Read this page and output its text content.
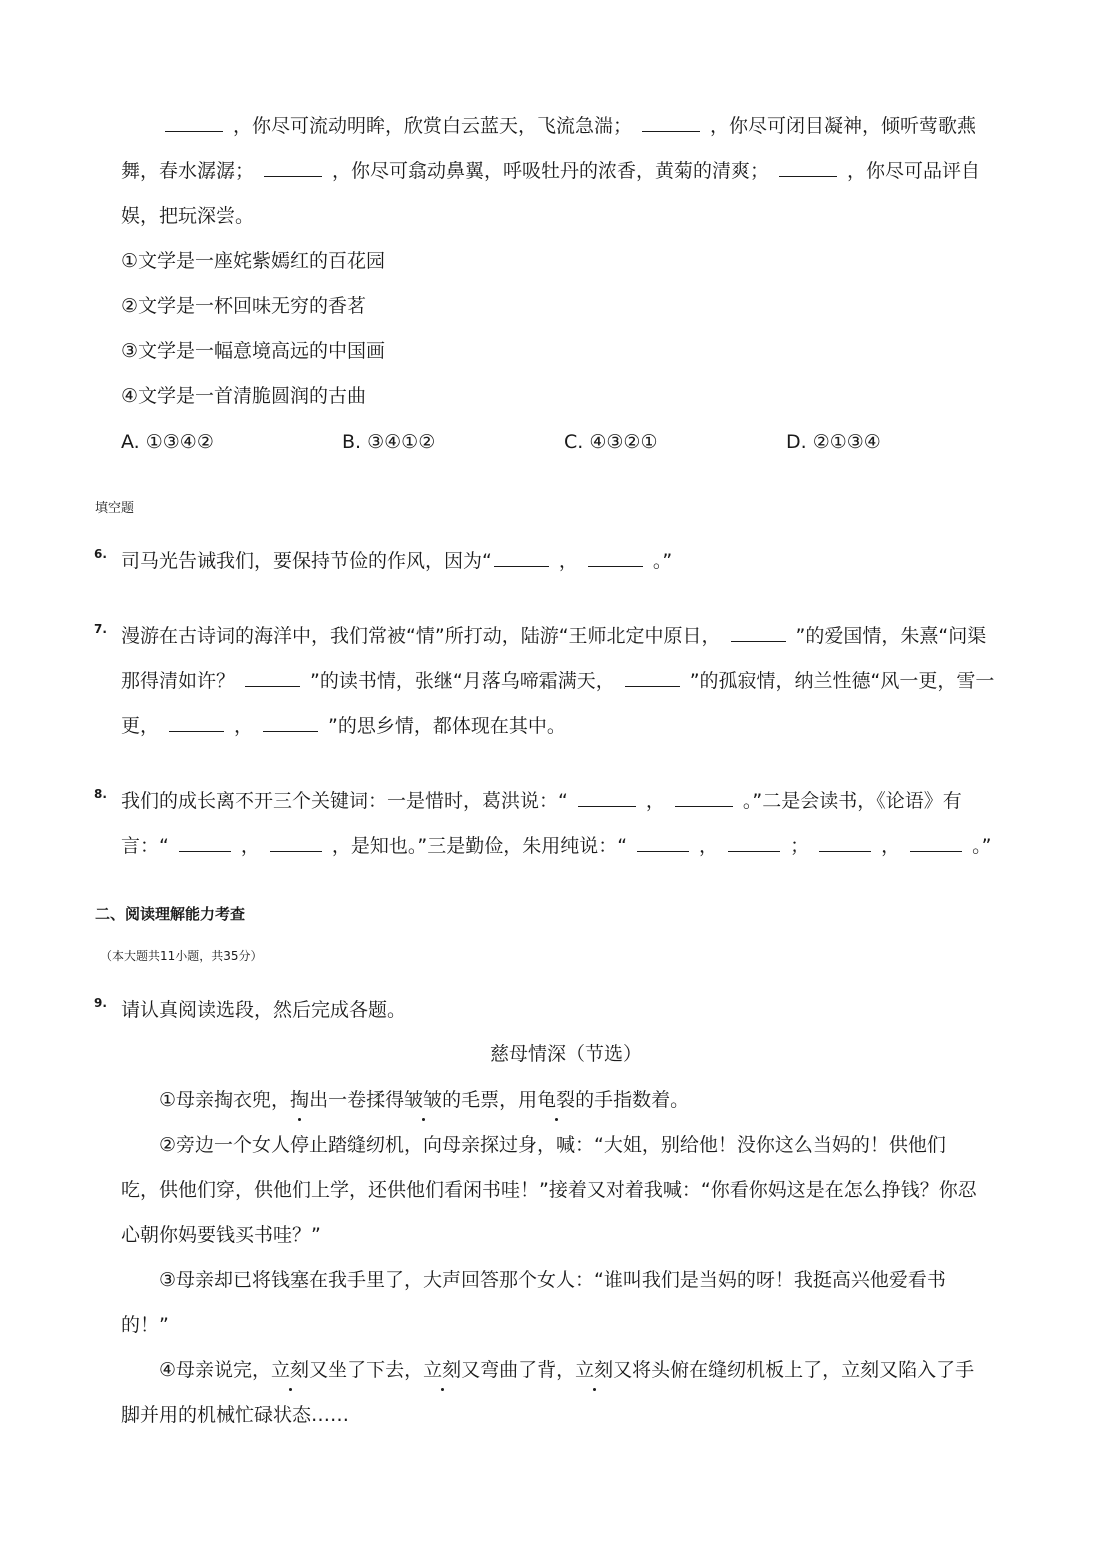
，你尽可流动明眸，欣赏白云蓝天，飞流急湍；	，你尽可闭目凝神，倾听莺歌燕
舞，春水潺潺；	，你尽可翕动鼻翼，呼吸牡丹的浓香，黄菊的清爽；	，你尽可品评自
娱，把玩深尝。
①文学是一座姹紫嫣红的百花园
②文学是一杯回味无穷的香茗
③文学是一幅意境高远的中国画
④文学是一首清脆圆润的古曲
A. ①③④②	B. ③④①②	C. ④③②①	D. ②①③④
填空题
6. 司马光告诫我们，要保持节俭的作风，因为“	，	。”
7. 漫游在古诗词的海洋中，我们常被“情”所打动，陆游“王师北定中原日，	”的爱国情，朱熹“问渠
那得清如许？	”的读书情，张继“月落乌啼霜满天，	”的孤寂情，纳兰性德“风一更，雪一
更，	，	”的思乡情，都体现在其中。
8. 我们的成长离不开三个关键词：一是惜时，葛洪说：“	，	。”二是会读书，《论语》有
言：“	，	，是知也。”三是勤俭，朱用纯说：“	，	；	，	。”
二、阅读理解能力考查
（本大题共11小题，共35分）
9. 请认真阅读选段，然后完成各题。
慈母情深（节选）
①母亲掏衣兜，掏出一卷揉得皱皱的毛票，用龟裂的手指数着。
②旁边一个女人停止踏缝纫机，向母亲探过身，喊：“大姐，别给他！没你这么当妈的！供他们
吃，供他们穿，供他们上学，还供他们看闲书哇！”接着又对着我喊：“你看你妈这是在怎么挣钱？你忍
心朝你妈要钱买书哇？”
③母亲却已将钱塞在我手里了，大声回答那个女人：“谁叫我们是当妈的呀！我挺高兴他爱看书
的！”
④母亲说完，立刻又坐了下去，立刻又弯曲了背，立刻又将头俯在缝纫机板上了，立刻又陷入了手
脚并用的机械忙碌状态……
